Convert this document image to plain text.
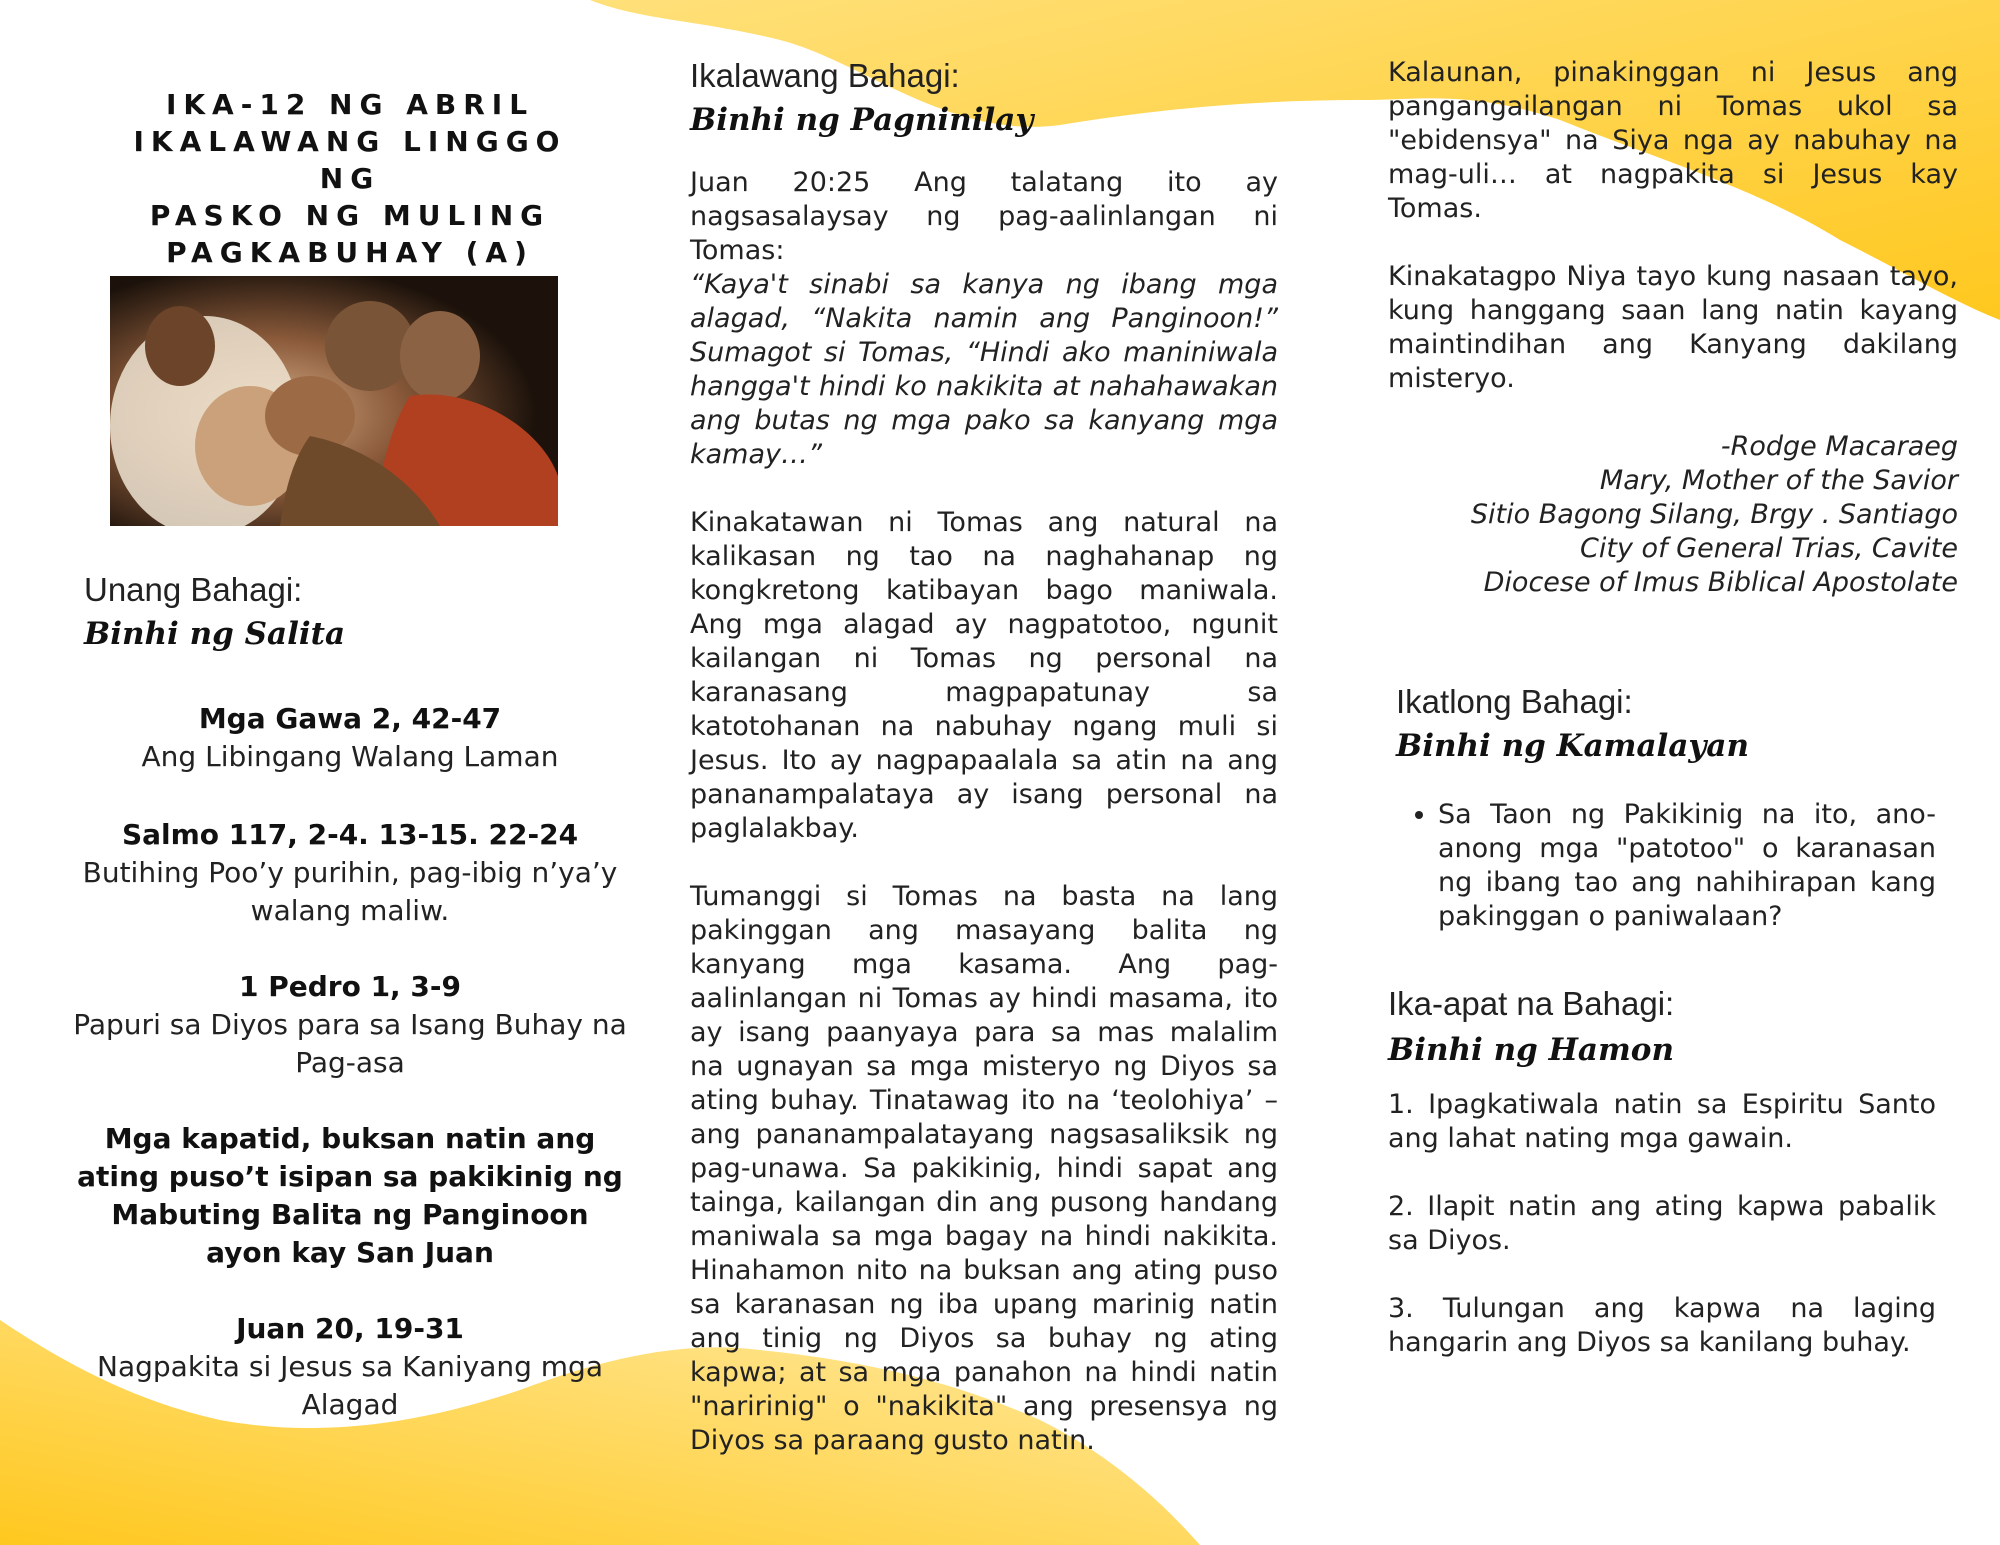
IKA-12 NG ABRIL
IKALAWANG LINGGO NG
PASKO NG MULING
PAGKABUHAY (A)
Unang Bahagi:
Binhi ng Salita
Mga Gawa 2, 42-47
Ang Libingang Walang Laman
Salmo 117, 2-4. 13-15. 22-24
Butihing Poo’y purihin, pag-ibig n’ya’y walang maliw.
1 Pedro 1, 3-9
Papuri sa Diyos para sa Isang Buhay na Pag-asa
Mga kapatid, buksan natin ang ating puso’t isipan sa pakikinig ng Mabuting Balita ng Panginoon ayon kay San Juan
Juan 20, 19-31
Nagpakita si Jesus sa Kaniyang mga Alagad
Ikalawang Bahagi:
Binhi ng Pagninilay

Juan 20:25 Ang talatang ito ay nagsasalaysay ng pag-aalinlangan ni Tomas:

“Kaya't sinabi sa kanya ng ibang mga alagad, “Nakita namin ang Panginoon!” Sumagot si Tomas, “Hindi ako maniniwala hangga't hindi ko nakikita at nahahawakan ang butas ng mga pako sa kanyang mga kamay…”

Kinakatawan ni Tomas ang natural na kalikasan ng tao na naghahanap ng kongkretong katibayan bago maniwala. Ang mga alagad ay nagpatotoo, ngunit kailangan ni Tomas ng personal na karanasang magpapatunay sa katotohanan na nabuhay ngang muli si Jesus. Ito ay nagpapaalala sa atin na ang pananampalataya ay isang personal na paglalakbay.

Tumanggi si Tomas na basta na lang pakinggan ang masayang balita ng kanyang mga kasama. Ang pag-aalinlangan ni Tomas ay hindi masama, ito ay isang paanyaya para sa mas malalim na ugnayan sa mga misteryo ng Diyos sa ating buhay. Tinatawag ito na ‘teolohiya’ – ang pananampalatayang nagsasaliksik ng pag-unawa. Sa pakikinig, hindi sapat ang tainga, kailangan din ang pusong handang maniwala sa mga bagay na hindi nakikita. Hinahamon nito na buksan ang ating puso sa karanasan ng iba upang marinig natin ang tinig ng Diyos sa buhay ng ating kapwa; at sa mga panahon na hindi natin "naririnig" o "nakikita" ang presensya ng Diyos sa paraang gusto natin.

Kalaunan, pinakinggan ni Jesus ang pangangailangan ni Tomas ukol sa "ebidensya" na Siya nga ay nabuhay na mag-uli… at nagpakita si Jesus kay Tomas.

Kinakatagpo Niya tayo kung nasaan tayo, kung hanggang saan lang natin kayang maintindihan ang Kanyang dakilang misteryo.

-Rodge Macaraeg
Mary, Mother of the Savior
Sitio Bagong Silang, Brgy . Santiago
City of General Trias, Cavite
Diocese of Imus Biblical Apostolate
Ikatlong Bahagi:
Binhi ng Kamalayan
• Sa Taon ng Pakikinig na ito, ano-anong mga "patotoo" o karanasan ng ibang tao ang nahihirapan kang pakinggan o paniwalaan?
Ika-apat na Bahagi:
Binhi ng Hamon

1. Ipagkatiwala natin sa Espiritu Santo ang lahat nating mga gawain.

2. Ilapit natin ang ating kapwa pabalik sa Diyos.

3. Tulungan ang kapwa na laging hangarin ang Diyos sa kanilang buhay.
